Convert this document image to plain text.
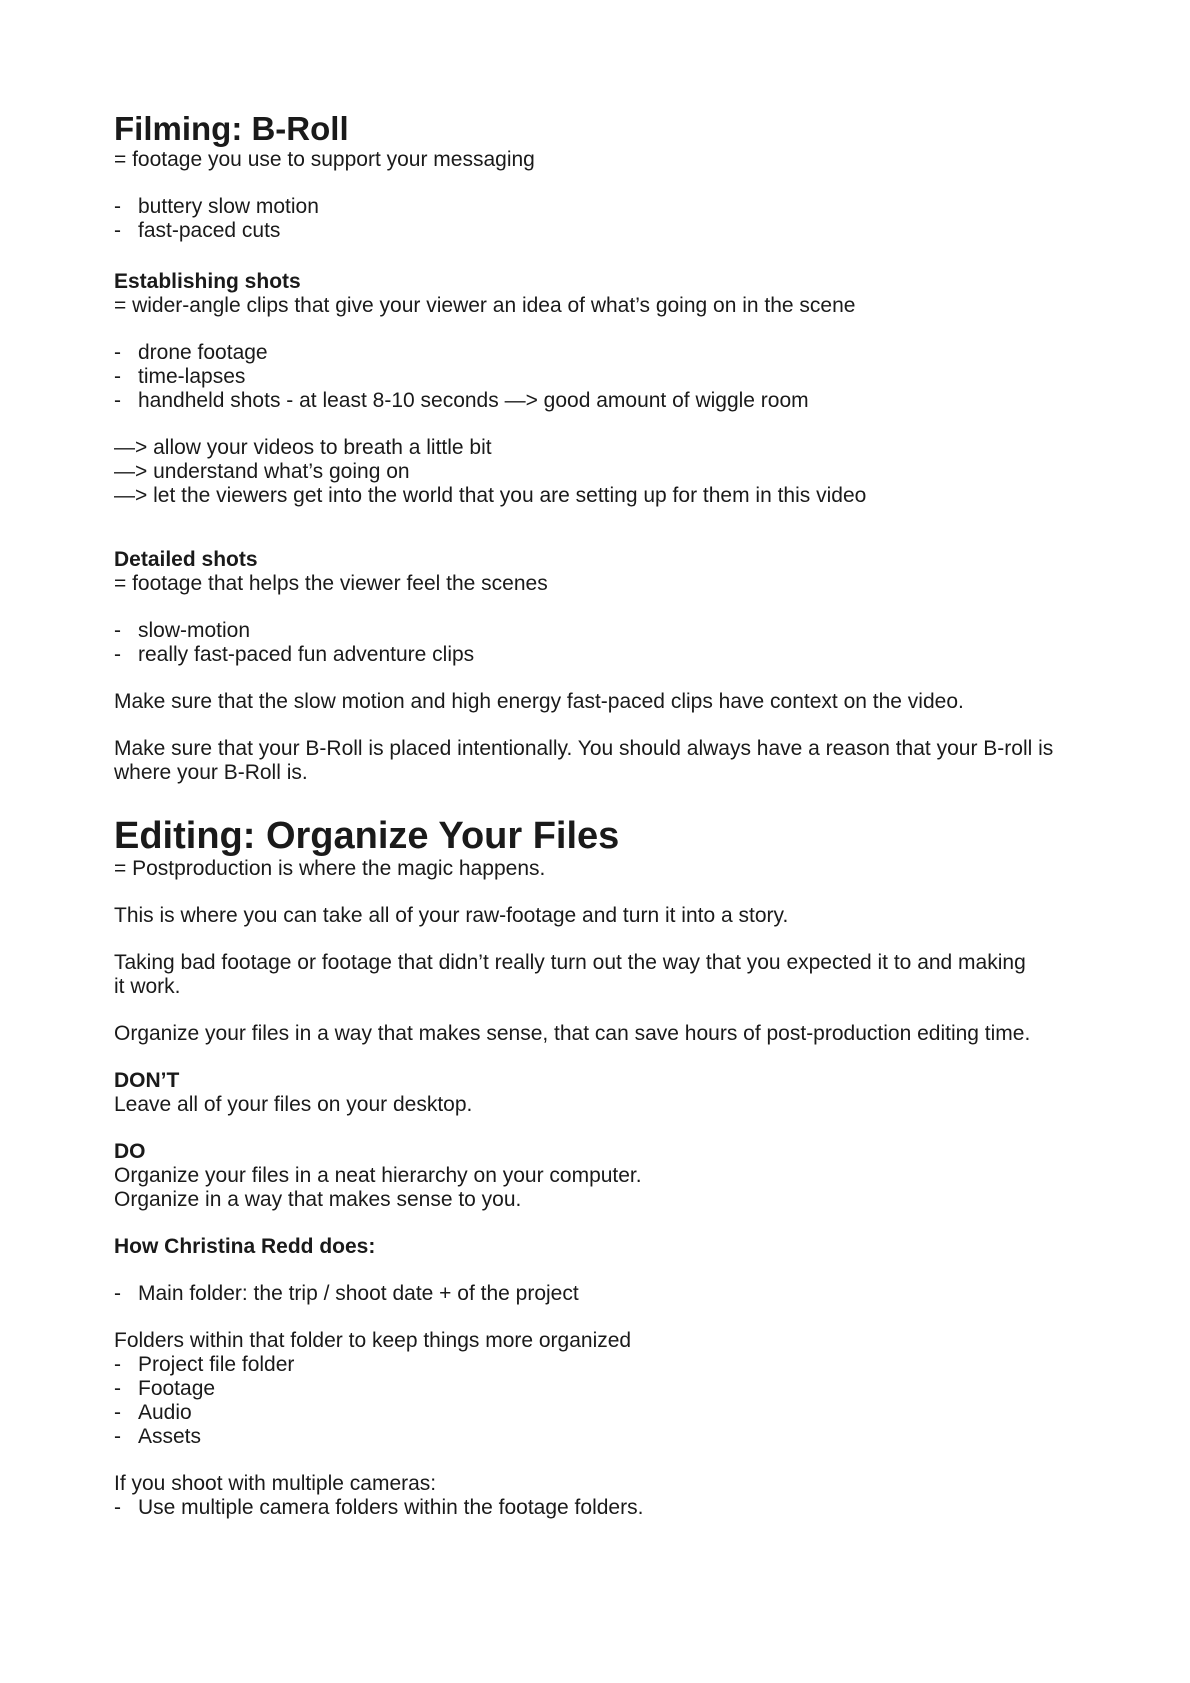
Filming: B-Roll

= footage you use to support your messaging

- buttery slow motion
- fast-paced cuts

Establishing shots

= wider-angle clips that give your viewer an idea of what’s going on in the scene

- drone footage
- time-lapses
- handheld shots - at least 8-10 seconds —> good amount of wiggle room

—> allow your videos to breath a little bit

—> understand what’s going on

—> let the viewers get into the world that you are setting up for them in this video

Detailed shots

= footage that helps the viewer feel the scenes

- slow-motion
- really fast-paced fun adventure clips

Make sure that the slow motion and high energy fast-paced clips have context on the video.

Make sure that your B-Roll is placed intentionally. You should always have a reason that your B-roll is where your B-Roll is.

Editing: Organize Your Files

= Postproduction is where the magic happens.

This is where you can take all of your raw-footage and turn it into a story.

Taking bad footage or footage that didn’t really turn out the way that you expected it to and making it work.

Organize your files in a way that makes sense, that can save hours of post-production editing time.

DON’T

Leave all of your files on your desktop.

DO

Organize your files in a neat hierarchy on your computer.

Organize in a way that makes sense to you.

How Christina Redd does:

- Main folder: the trip / shoot date + of the project

Folders within that folder to keep things more organized

- Project file folder
- Footage
- Audio
- Assets

If you shoot with multiple cameras:

- Use multiple camera folders within the footage folders.
